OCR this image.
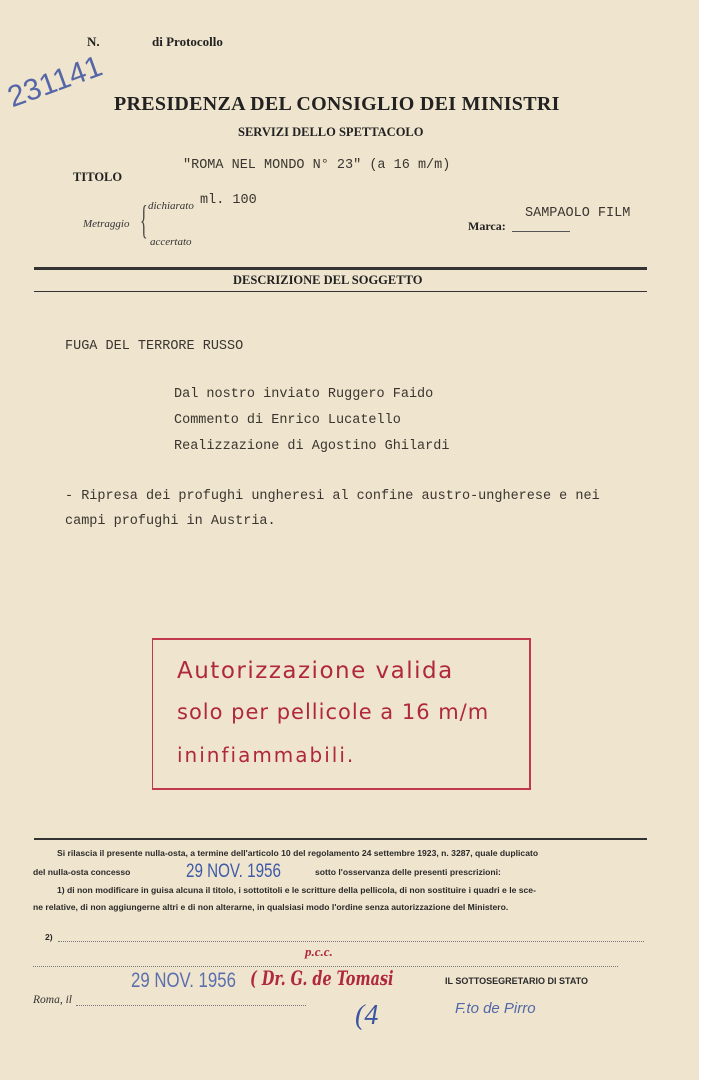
N.	di Protocollo
231141 PRESIDENZA DEL CONSIGLIO DEI MINISTRI
SERVIZI DELLO SPETTACOLO
TITOLO
"ROMA NEL MONDO N° 23" (a 16 m/m)
Metraggio { dichiarato ml. 100
accertato
Marca:
SAMPAOLO FILM
DESCRIZIONE DEL SOGGETTO
FUGA DEL TERRORE RUSSO
Dal nostro inviato Ruggero Faido
Commento di Enrico Lucatello
Realizzazione di Agostino Ghilardi
- Ripresa dei profughi ungheresi al confine austro-ungherese e nei
campi profughi in Austria.
Autorizzazione valida
solo per pellicole a 16 m/m
ininfiammabili.
Si rilascia il presente nulla-osta, a termine dell'articolo 10 del regolamento 24 settembre 1923, n. 3287, quale duplicato
del nulla-osta concesso	29 NOV. 1956	sotto l'osservanza delle presenti prescrizioni:
1) di non modificare in guisa alcuna il titolo, i sottotitoli e le scritture della pellicola, di non sostituire i quadri e le sce-
ne relative, di non aggiungerne altri e di non alterarne, in qualsiasi modo l'ordine senza autorizzazione del Ministero.
2)
p.c.c.
29 NOV. 1956 ( Dr. G. de Tomasi
Roma, il
IL SOTTOSEGRETARIO DI STATO
F.to de Pirro
(4
